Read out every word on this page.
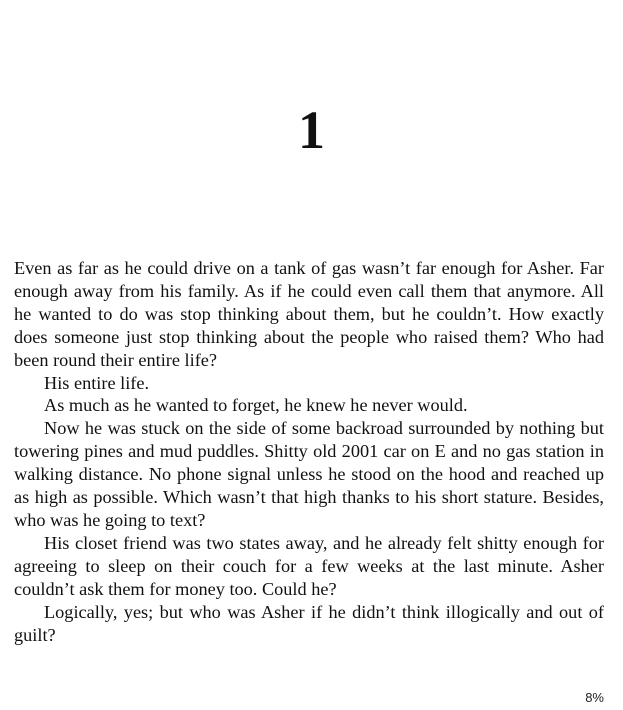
1

Even as far as he could drive on a tank of gas wasn’t far enough for Asher. Far enough away from his family. As if he could even call them that anymore. All he wanted to do was stop thinking about them, but he couldn’t. How exactly does someone just stop thinking about the people who raised them? Who had been round their entire life?

His entire life.

As much as he wanted to forget, he knew he never would.

Now he was stuck on the side of some backroad surrounded by nothing but towering pines and mud puddles. Shitty old 2001 car on E and no gas station in walking distance. No phone signal unless he stood on the hood and reached up as high as possible. Which wasn’t that high thanks to his short stature. Besides, who was he going to text?

His closet friend was two states away, and he already felt shitty enough for agreeing to sleep on their couch for a few weeks at the last minute. Asher couldn’t ask them for money too. Could he?

Logically, yes; but who was Asher if he didn’t think illogically and out of guilt?

8%
